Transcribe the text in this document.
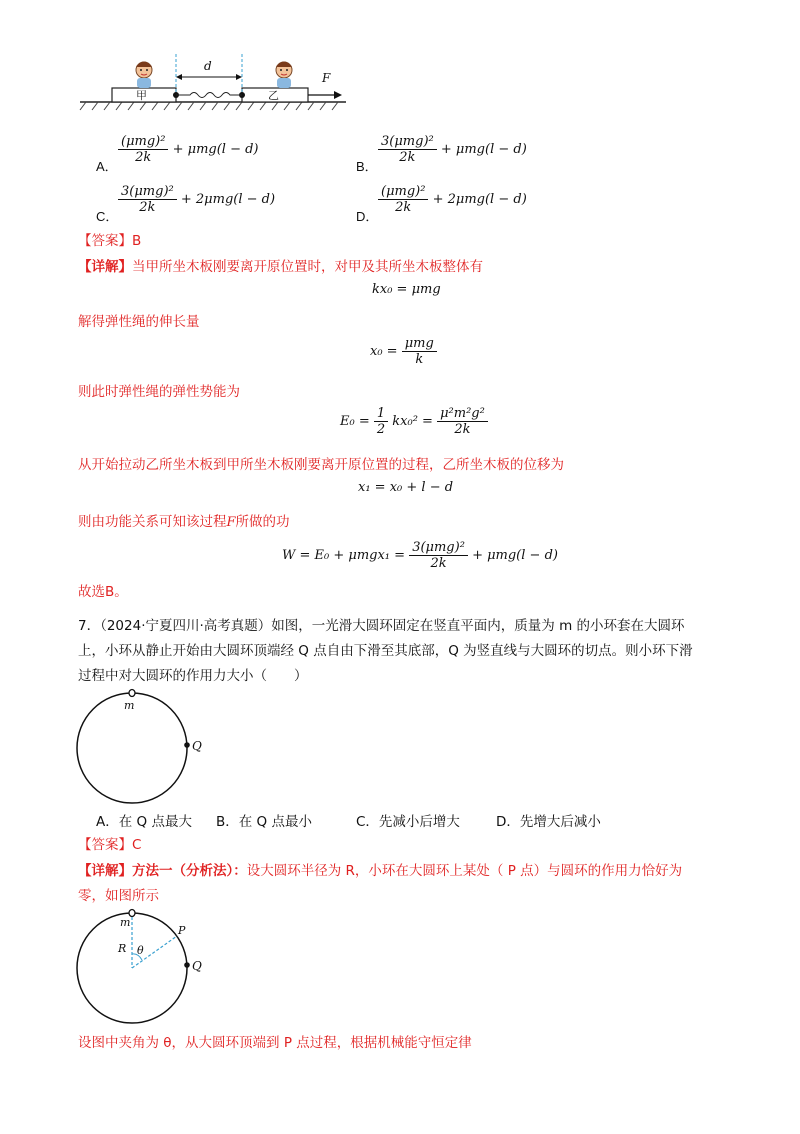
甲	乙
d
F
A．
$\frac{\text{(μmg)²}}{2k} + \mu mg(l - d)$
B．
$\frac{\text{3(μmg)²}}{2k} + \mu mg(l - d)$
C．
$\frac{\text{3(μmg)²}}{2k} + 2\mu mg(l - d)$
D．
$\frac{\text{(μmg)²}}{2k} + 2\mu mg(l - d)$
【答案】B
【详解】当甲所坐木板刚要离开原位置时，对甲及其所坐木板整体有
kx₀ = μmg
解得弹性绳的伸长量
$x_0 = \frac{\text{μmg}}{k}$
则此时弹性绳的弹性势能为
$E_0 = \frac{1}{2} kx_0^2 = \frac{\text{μ²m²g²}}{2k}$
从开始拉动乙所坐木板到甲所坐木板刚要离开原位置的过程，乙所坐木板的位移为
x₁ = x₀ + l − d
则由功能关系可知该过程F所做的功
$W = E_0 + \mu mgx_1 = \frac{\text{3(μmg)²}}{2k} + \mu mg(l - d)$
故选B。
7．（2024·宁夏四川·高考真题）如图，一光滑大圆环固定在竖直平面内，质量为 m 的小环套在大圆环
上，小环从静止开始由大圆环顶端经 Q 点自由下滑至其底部，Q 为竖直线与大圆环的切点。则小环下滑
过程中对大圆环的作用力大小（　　）
m
Q
A．在 Q 点最大 B．在 Q 点最小	C．先减小后增大	D．先增大后减小
【答案】C
【详解】方法一（分析法）：设大圆环半径为 R，小环在大圆环上某处（ P 点）与圆环的作用力恰好为
零，如图所示
m
R θ
P
Q
设图中夹角为 θ，从大圆环顶端到 P 点过程，根据机械能守恒定律
